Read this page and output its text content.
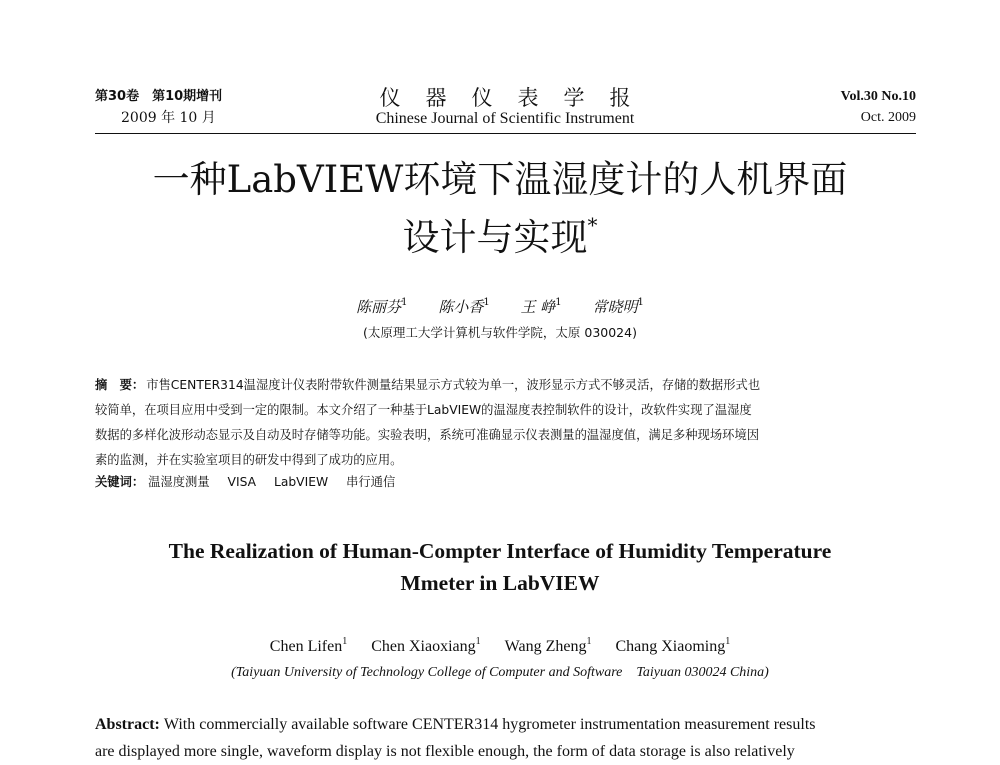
第30卷　第10期增刊
2009 年 10 月
仪器仪表学报
Chinese Journal of Scientific Instrument
Vol.30 No.10
Oct. 2009
一种LabVIEW环境下温湿度计的人机界面
设计与实现*
陈丽芬$^1$ 陈小香$^1$ 王 峥$^1$ 常晓明$^1$
(太原理工大学计算机与软件学院，太原 030024)
摘　要： 市售CENTER314温湿度计仪表附带软件测量结果显示方式较为单一，波形显示方式不够灵活，存储的数据形式也
较简单，在项目应用中受到一定的限制。本文介绍了一种基于LabVIEW的温湿度表控制软件的设计，改软件实现了温湿度
数据的多样化波形动态显示及自动及时存储等功能。实验表明，系统可准确显示仪表测量的温湿度值，满足多种现场环境因
素的监测，并在实验室项目的研发中得到了成功的应用。
关键词： 温湿度测量 VISA LabVIEW 串行通信
The Realization of Human-Compter Interface of Humidity Temperature
Mmeter in LabVIEW
Chen Lifen$^1$ Chen Xiaoxiang$^1$ Wang Zheng$^1$ Chang Xiaoming$^1$
(Taiyuan University of Technology College of Computer and Software　Taiyuan 030024 China)
Abstract: With commercially available software CENTER314 hygrometer instrumentation measurement results
are displayed more single, waveform display is not flexible enough, the form of data storage is also relatively
